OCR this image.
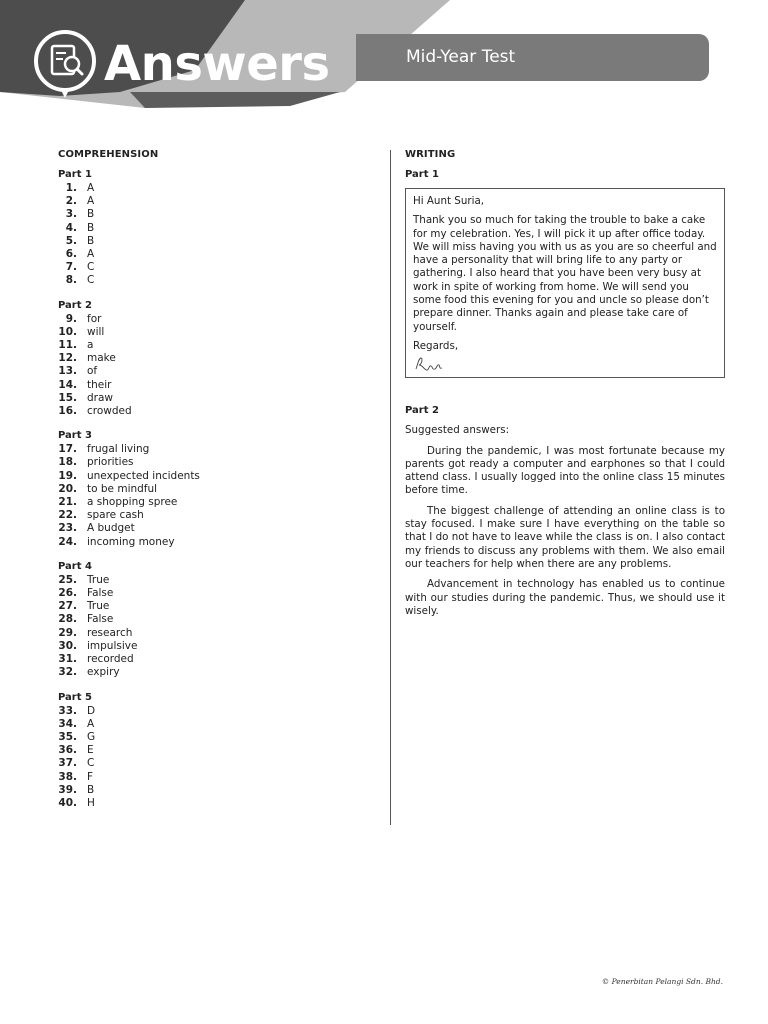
Answers	Mid-Year Test
COMPREHENSION
Part 1
1. A
2. A
3. B
4. B
5. B
6. A
7. C
8. C
Part 2
9. for
10. will
11. a
12. make
13. of
14. their
15. draw
16. crowded
Part 3
17. frugal living
18. priorities
19. unexpected incidents
20. to be mindful
21. a shopping spree
22. spare cash
23. A budget
24. incoming money
Part 4
25. True
26. False
27. True
28. False
29. research
30. impulsive
31. recorded
32. expiry
Part 5
33. D
34. A
35. G
36. E
37. C
38. F
39. B
40. H
WRITING
Part 1

Hi Aunt Suria,

Thank you so much for taking the trouble to bake a cake for my celebration. Yes, I will pick it up after office today. We will miss having you with us as you are so cheerful and have a personality that will bring life to any party or gathering. I also heard that you have been very busy at work in spite of working from home. We will send you some food this evening for you and uncle so please don’t prepare dinner. Thanks again and please take care of yourself.

Regards,

Part 2

Suggested answers:

During the pandemic, I was most fortunate because my parents got ready a computer and earphones so that I could attend class. I usually logged into the online class 15 minutes before time.

The biggest challenge of attending an online class is to stay focused. I make sure I have everything on the table so that I do not have to leave while the class is on. I also contact my friends to discuss any problems with them. We also email our teachers for help when there are any problems.

Advancement in technology has enabled us to continue with our studies during the pandemic. Thus, we should use it wisely.

© Penerbitan Pelangi Sdn. Bhd.
